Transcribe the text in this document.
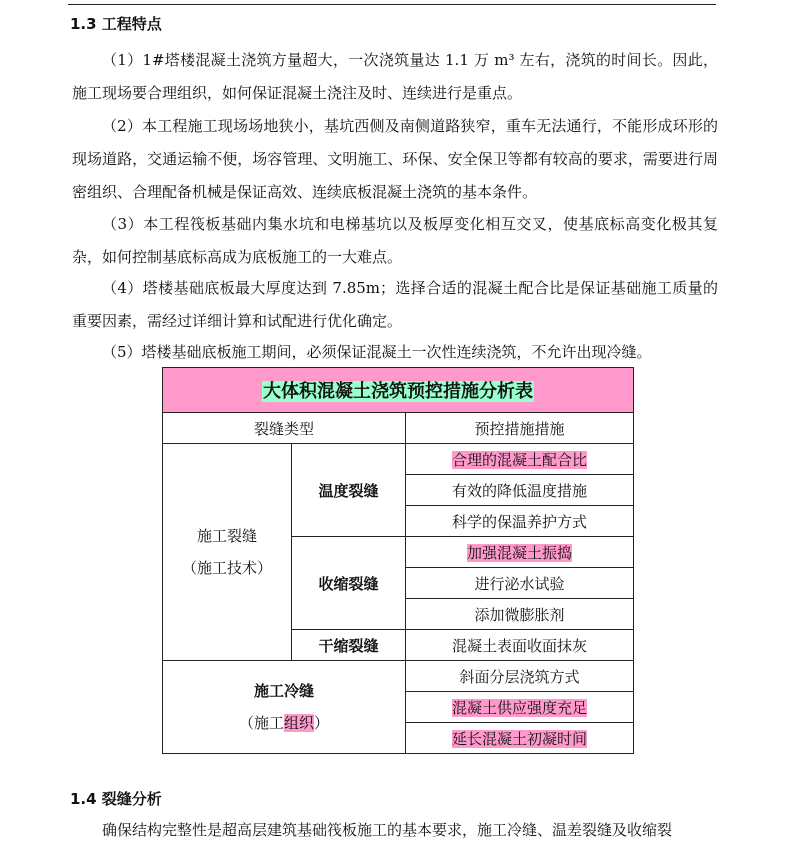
1.3 工程特点
（1）1#塔楼混凝土浇筑方量超大，一次浇筑量达 1.1 万 m³ 左右，浇筑的时间长。因此，施工现场要合理组织，如何保证混凝土浇注及时、连续进行是重点。
（2）本工程施工现场场地狭小，基坑西侧及南侧道路狭窄，重车无法通行，不能形成环形的现场道路，交通运输不便，场容管理、文明施工、环保、安全保卫等都有较高的要求，需要进行周密组织、合理配备机械是保证高效、连续底板混凝土浇筑的基本条件。
（3）本工程筏板基础内集水坑和电梯基坑以及板厚变化相互交叉，使基底标高变化极其复杂，如何控制基底标高成为底板施工的一大难点。
（4）塔楼基础底板最大厚度达到 7.85m；选择合适的混凝土配合比是保证基础施工质量的重要因素，需经过详细计算和试配进行优化确定。
（5）塔楼基础底板施工期间，必须保证混凝土一次性连续浇筑，不允许出现冷缝。
大体积混凝土浇筑预控措施分析表		
裂缝类型		预控措施措施

施工裂缝
（施工技术）	温度裂缝	合理的混凝土配合比
		有效的降低温度措施
		科学的保温养护方式
	收缩裂缝	加强混凝土振捣
		进行泌水试验
		添加微膨胀剂
	干缩裂缝	混凝土表面收面抹灰

施工冷缝
（施工组织）		斜面分层浇筑方式
		混凝土供应强度充足
		延长混凝土初凝时间
1.4 裂缝分析
确保结构完整性是超高层建筑基础筏板施工的基本要求，施工冷缝、温差裂缝及收缩裂
